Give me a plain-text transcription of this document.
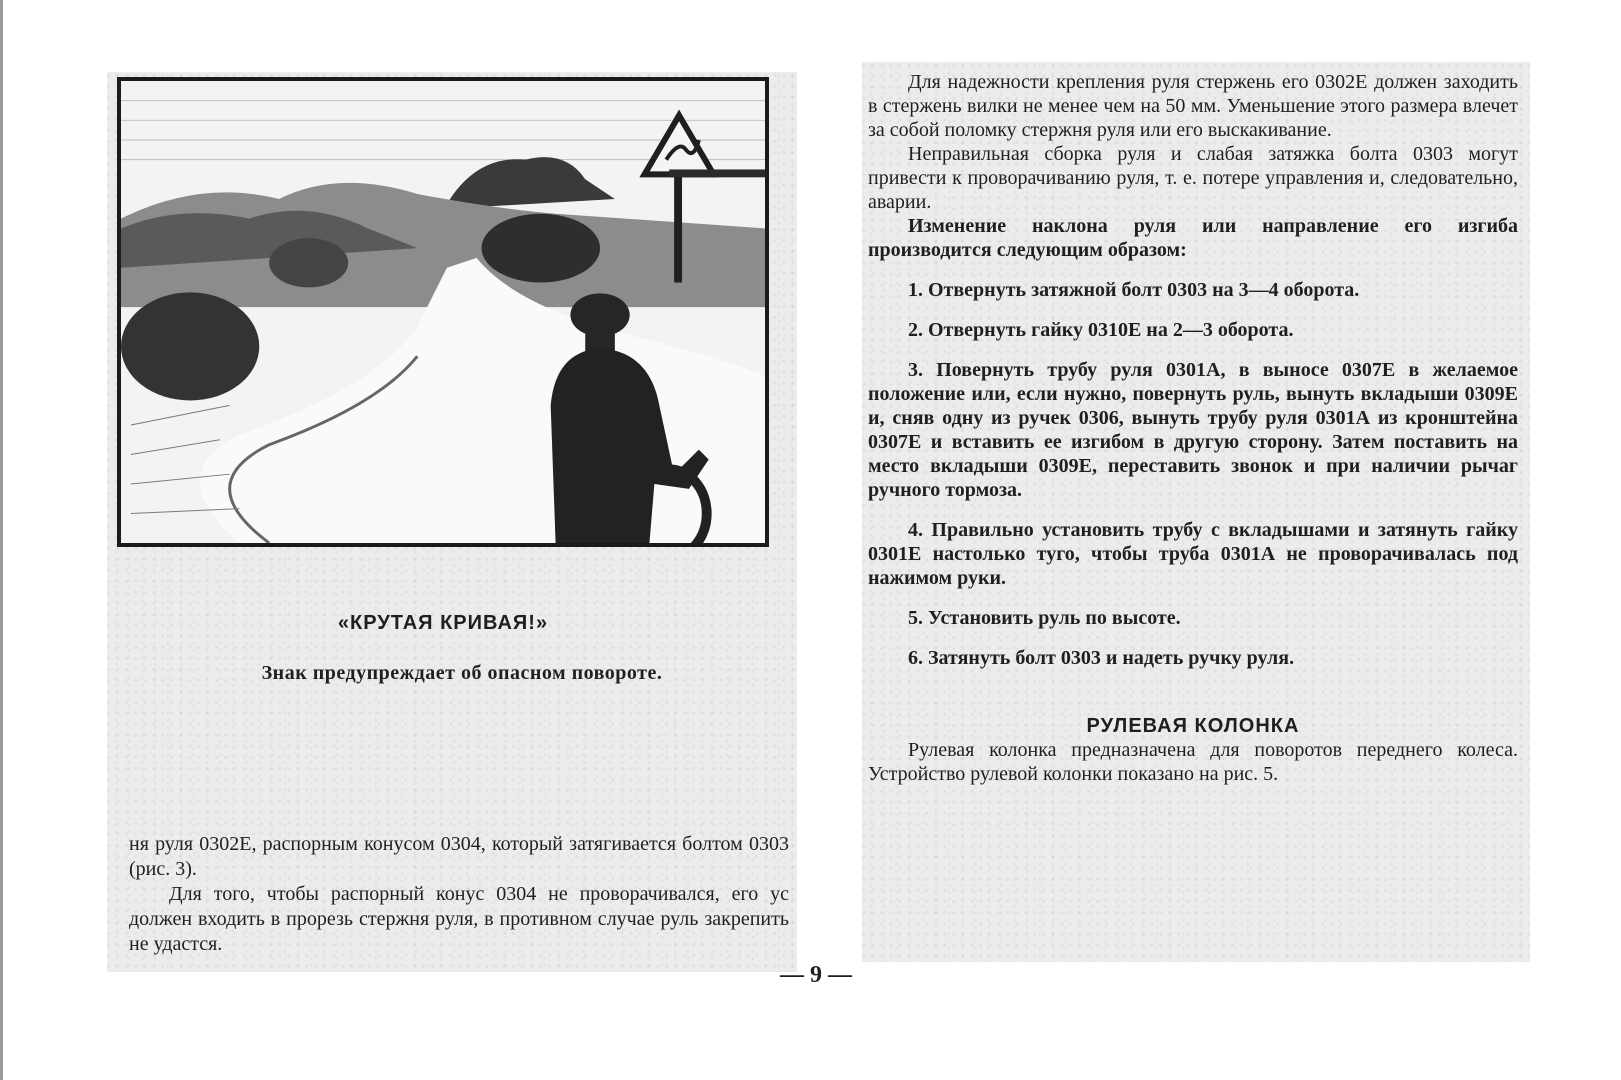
«КРУТАЯ КРИВАЯ!»
Знак предупреждает об опасном повороте.

ня руля 0302Е, распорным конусом 0304, который затягивается болтом 0303 (рис. 3).

Для того, чтобы распорный конус 0304 не проворачивался, его ус должен входить в прорезь стержня руля, в противном случае руль закрепить не удастся.

Для надежности крепления руля стержень его 0302Е должен заходить в стержень вилки не менее чем на 50 мм. Уменьшение этого размера влечет за собой поломку стержня руля или его выскакивание.

Неправильная сборка руля и слабая затяжка болта 0303 могут привести к проворачиванию руля, т. е. потере управления и, следовательно, аварии.

Изменение наклона руля или направление его изгиба производится следующим образом:

1. Отвернуть затяжной болт 0303 на 3—4 оборота.
2. Отвернуть гайку 0310Е на 2—3 оборота.
3. Повернуть трубу руля 0301А, в выносе 0307Е в желаемое положение или, если нужно, повернуть руль, вынуть вкладыши 0309Е и, сняв одну из ручек 0306, вынуть трубу руля 0301А из кронштейна 0307Е и вставить ее изгибом в другую сторону. Затем поставить на место вкладыши 0309Е, переставить звонок и при наличии рычаг ручного тормоза.
4. Правильно установить трубу с вкладышами и затянуть гайку 0301Е настолько туго, чтобы труба 0301А не проворачивалась под нажимом руки.
5. Установить руль по высоте.
6. Затянуть болт 0303 и надеть ручку руля.
РУЛЕВАЯ КОЛОНКА

Рулевая колонка предназначена для поворотов переднего колеса. Устройство рулевой колонки показано на рис. 5.

— 9 —
